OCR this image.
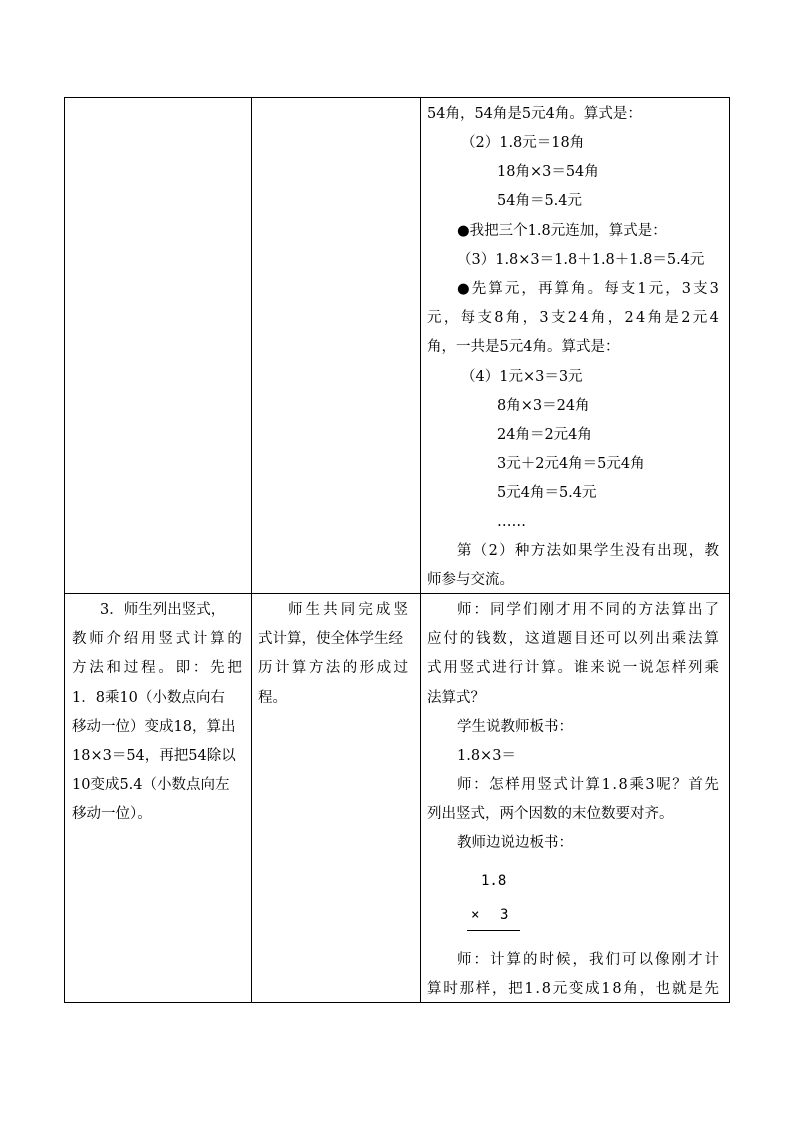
54角，54角是5元4角。算式是：
（2）1.8元＝18角
18角×3＝54角
54角＝5.4元
●我把三个1.8元连加，算式是：
（3）1.8×3＝1.8＋1.8＋1.8＝5.4元
● 先 算 元 ， 再 算 角 。 每 支 1 元 ， 3 支 3
元 ， 每 支 8 角 ， 3 支 2 4 角 ， 2 4 角 是 2 元 4
角，一共是5元4角。算式是：
（4）1元×3＝3元
8角×3＝24角
24角＝2元4角
3元＋2元4角＝5元4角
5元4角＝5.4元
……
第 （ 2 ） 种 方 法 如 果 学 生 没 有 出 现 ， 教
师参与交流。
3．师生列出竖式，
教 师 介 绍 用 竖 式 计 算 的
方 法 和 过 程 。 即 ： 先 把
1．8乘10（小数点向右
移动一位）变成18，算出
18×3＝54，再把54除以
10变成5.4（小数点向左
移动一位）。
师 生 共 同 完 成 竖
式计算，使全体学生经
历 计 算 方 法 的 形 成 过
程。
1.8
× 3
师 ： 同 学 们 刚 才 用 不 同 的 方 法 算 出 了
应 付 的 钱 数 ， 这 道 题 目 还 可 以 列 出 乘 法 算
式 用 竖 式 进 行 计 算 。 谁 来 说 一 说 怎 样 列 乘
法算式？
学生说教师板书：
1.8×3＝
师 ： 怎 样 用 竖 式 计 算 1 . 8 乘 3 呢 ？ 首 先
列出竖式，两个因数的末位数要对齐。
教师边说边板书：
师 ： 计 算 的 时 候 ， 我 们 可 以 像 刚 才 计
算 时 那 样 ， 把 1 . 8 元 变 成 1 8 角 ， 也 就 是 先
